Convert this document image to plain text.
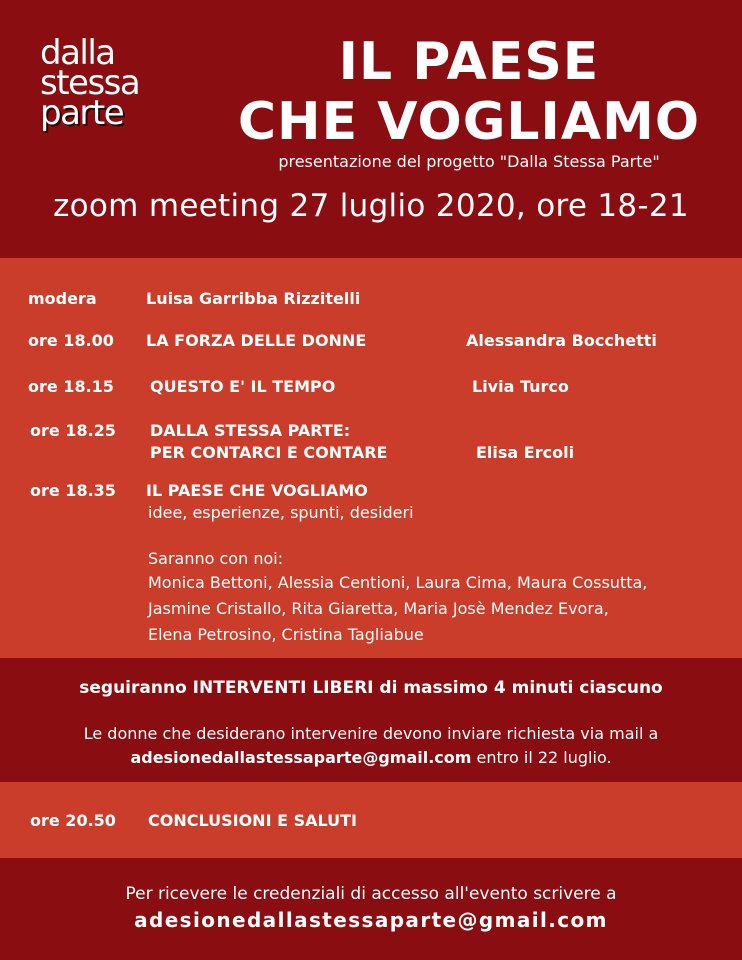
dalla
stessa
parte
IL PAESE
CHE VOGLIAMO
presentazione del progetto "Dalla Stessa Parte"
zoom meeting 27 luglio 2020, ore 18-21
modera	Luisa Garribba Rizzitelli
ore 18.00 LA FORZA DELLE DONNE	Alessandra Bocchetti
ore 18.15 QUESTO E' IL TEMPO	Livia Turco
ore 18.25 DALLA STESSA PARTE:
PER CONTARCI E CONTARE	Elisa Ercoli
ore 18.35 IL PAESE CHE VOGLIAMO
idee, esperienze, spunti, desideri
Saranno con noi:
Monica Bettoni, Alessia Centioni, Laura Cima, Maura Cossutta,
Jasmine Cristallo, Rita Giaretta, Maria Josè Mendez Evora,
Elena Petrosino, Cristina Tagliabue
seguiranno INTERVENTI LIBERI di massimo 4 minuti ciascuno
Le donne che desiderano intervenire devono inviare richiesta via mail a
adesionedallastessaparte@gmail.com entro il 22 luglio.
ore 20.50 CONCLUSIONI E SALUTI
Per ricevere le credenziali di accesso all'evento scrivere a
adesionedallastessaparte@gmail.com
